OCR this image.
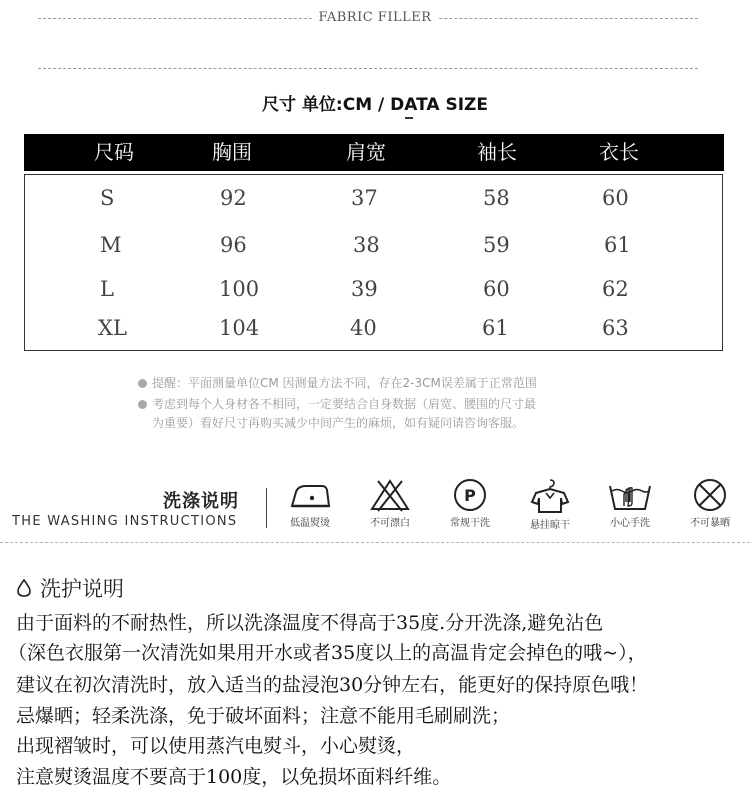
FABRIC FILLER
尺寸 单位:CM / DATA SIZE
尺码	胸围	肩宽	袖长	衣长
S	92	37	58	60
M	96	38	59	61
L	100	39	60	62
XL	104	40	61	63
提醒：平面测量单位CM 因测量方法不同，存在2-3CM误差属于正常范围
考虑到每个人身材各不相同，一定要结合自身数据（肩宽、腰围的尺寸最
为重要）看好尺寸再购买减少中间产生的麻烦，如有疑问请咨询客服。
洗涤说明
THE WASHING INSTRUCTIONS	低温熨烫	不可漂白
P
常规干洗	悬挂晾干	小心手洗	不可暴晒
洗护说明
由于面料的不耐热性，所以洗涤温度不得高于35度.分开洗涤,避免沾色
（深色衣服第一次清洗如果用开水或者35度以上的高温肯定会掉色的哦~），
建议在初次清洗时，放入适当的盐浸泡30分钟左右，能更好的保持原色哦！
忌爆晒；轻柔洗涤，免于破坏面料；注意不能用毛刷刷洗；
出现褶皱时，可以使用蒸汽电熨斗，小心熨烫，
注意熨烫温度不要高于100度，以免损坏面料纤维。
